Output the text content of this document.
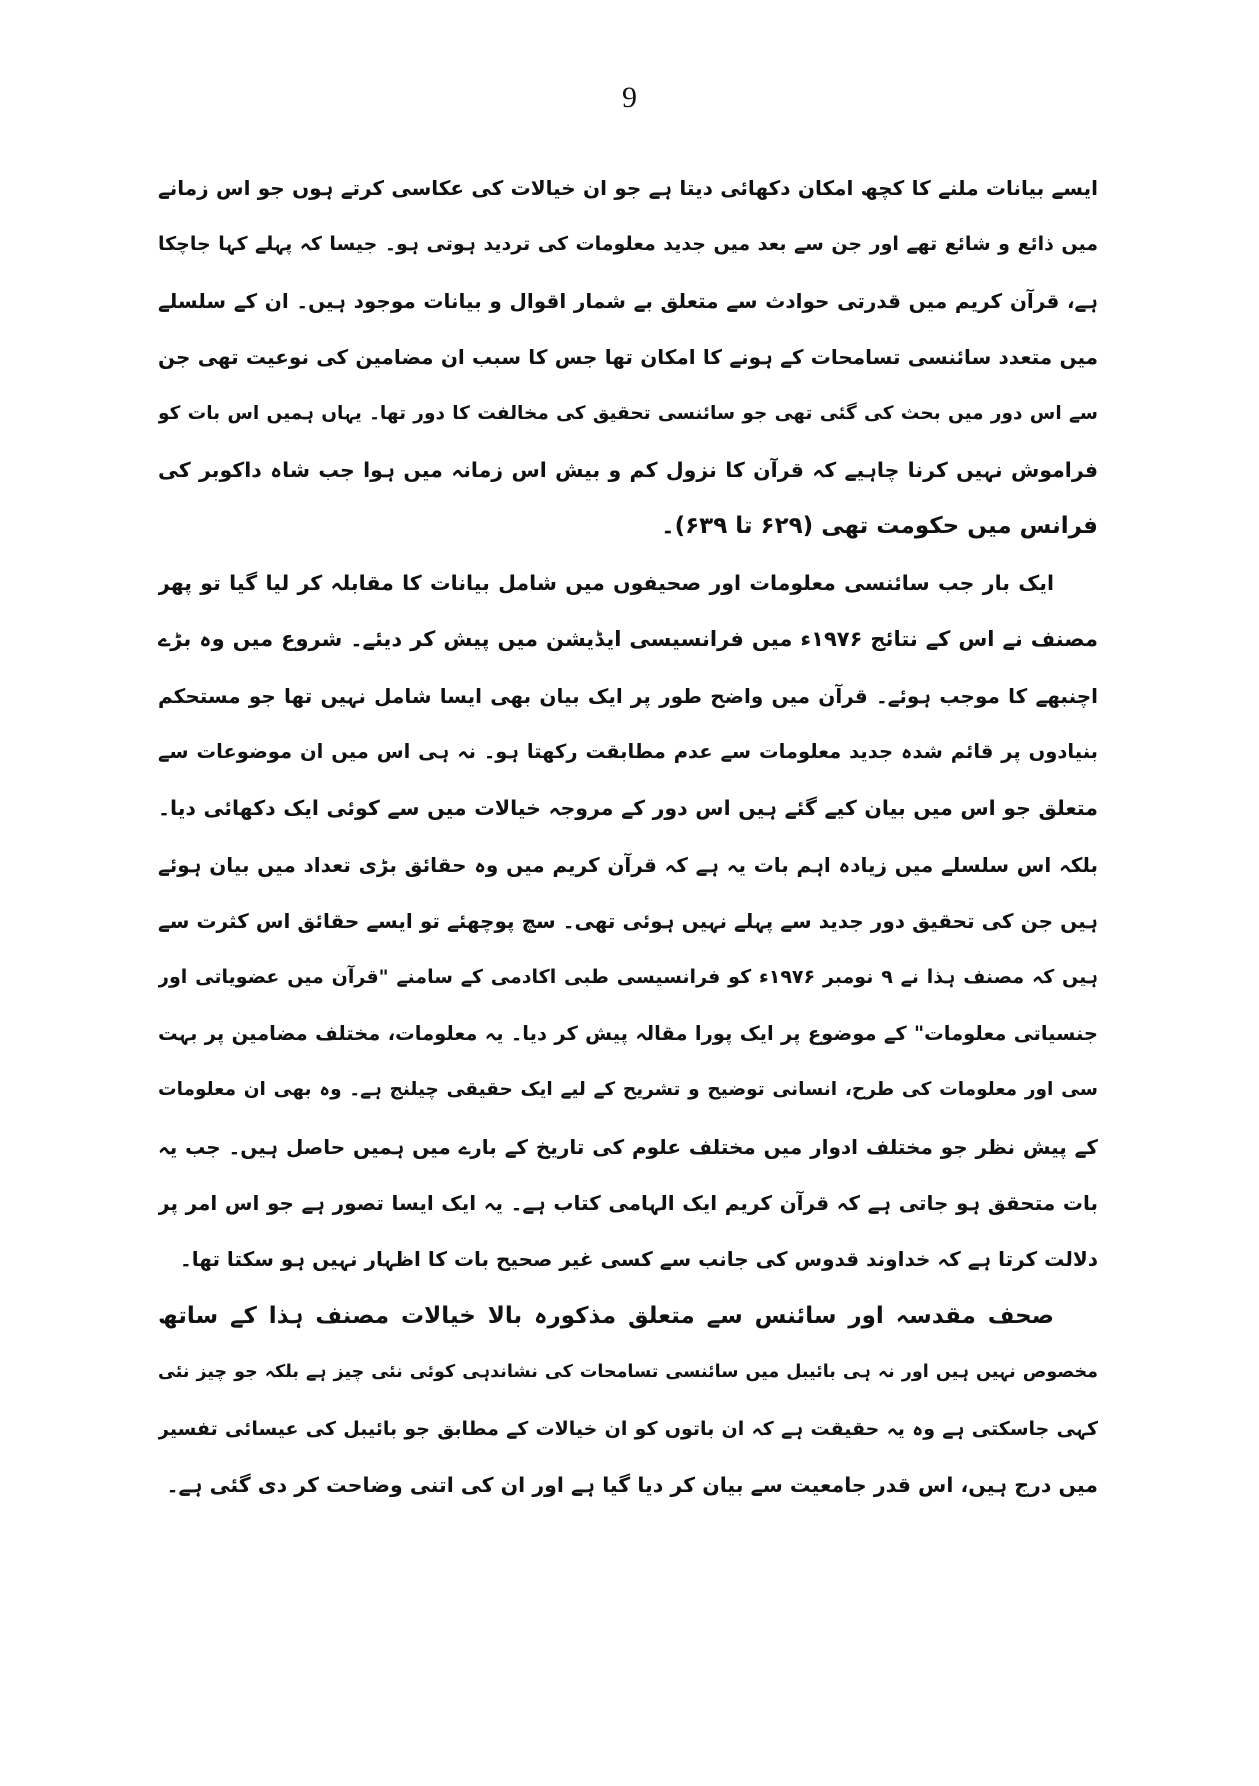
9
ایسے بیانات ملنے کا کچھ امکان دکھائی دیتا ہے جو ان خیالات کی عکاسی کرتے ہوں جو اس زمانے
میں ذائع و شائع تھے اور جن سے بعد میں جدید معلومات کی تردید ہوتی ہو۔ جیسا کہ پہلے کہا جاچکا
ہے، قرآن کریم میں قدرتی حوادث سے متعلق بے شمار اقوال و بیانات موجود ہیں۔ ان کے سلسلے
میں متعدد سائنسی تسامحات کے ہونے کا امکان تھا جس کا سبب ان مضامین کی نوعیت تھی جن
سے اس دور میں بحث کی گئی تھی جو سائنسی تحقیق کی مخالفت کا دور تھا۔ یہاں ہمیں اس بات کو
فراموش نہیں کرنا چاہیے کہ قرآن کا نزول کم و بیش اس زمانہ میں ہوا جب شاہ داکوبر کی
فرانس میں حکومت تھی (۶۲۹ تا ۶۳۹)۔
ایک بار جب سائنسی معلومات اور صحیفوں میں شامل بیانات کا مقابلہ کر لیا گیا تو پھر
مصنف نے اس کے نتائج ۱۹۷۶ء میں فرانسیسی ایڈیشن میں پیش کر دیئے۔ شروع میں وہ بڑے
اچنبھے کا موجب ہوئے۔ قرآن میں واضح طور پر ایک بیان بھی ایسا شامل نہیں تھا جو مستحکم
بنیادوں پر قائم شدہ جدید معلومات سے عدم مطابقت رکھتا ہو۔ نہ ہی اس میں ان موضوعات سے
متعلق جو اس میں بیان کیے گئے ہیں اس دور کے مروجہ خیالات میں سے کوئی ایک دکھائی دیا۔
بلکہ اس سلسلے میں زیادہ اہم بات یہ ہے کہ قرآن کریم میں وہ حقائق بڑی تعداد میں بیان ہوئے
ہیں جن کی تحقیق دور جدید سے پہلے نہیں ہوئی تھی۔ سچ پوچھئے تو ایسے حقائق اس کثرت سے
ہیں کہ مصنف ہذا نے ۹ نومبر ۱۹۷۶ء کو فرانسیسی طبی اکادمی کے سامنے "قرآن میں عضویاتی اور
جنسیاتی معلومات" کے موضوع پر ایک پورا مقالہ پیش کر دیا۔ یہ معلومات، مختلف مضامین پر بہت
سی اور معلومات کی طرح، انسانی توضیح و تشریح کے لیے ایک حقیقی چیلنج ہے۔ وہ بھی ان معلومات
کے پیش نظر جو مختلف ادوار میں مختلف علوم کی تاریخ کے بارے میں ہمیں حاصل ہیں۔ جب یہ
بات متحقق ہو جاتی ہے کہ قرآن کریم ایک الہامی کتاب ہے۔ یہ ایک ایسا تصور ہے جو اس امر پر
دلالت کرتا ہے کہ خداوند قدوس کی جانب سے کسی غیر صحیح بات کا اظہار نہیں ہو سکتا تھا۔
صحف مقدسہ اور سائنس سے متعلق مذکورہ بالا خیالات مصنف ہذا کے ساتھ
مخصوص نہیں ہیں اور نہ ہی بائیبل میں سائنسی تسامحات کی نشاندہی کوئی نئی چیز ہے بلکہ جو چیز نئی
کہی جاسکتی ہے وہ یہ حقیقت ہے کہ ان باتوں کو ان خیالات کے مطابق جو بائیبل کی عیسائی تفسیر
میں درج ہیں، اس قدر جامعیت سے بیان کر دیا گیا ہے اور ان کی اتنی وضاحت کر دی گئی ہے۔
